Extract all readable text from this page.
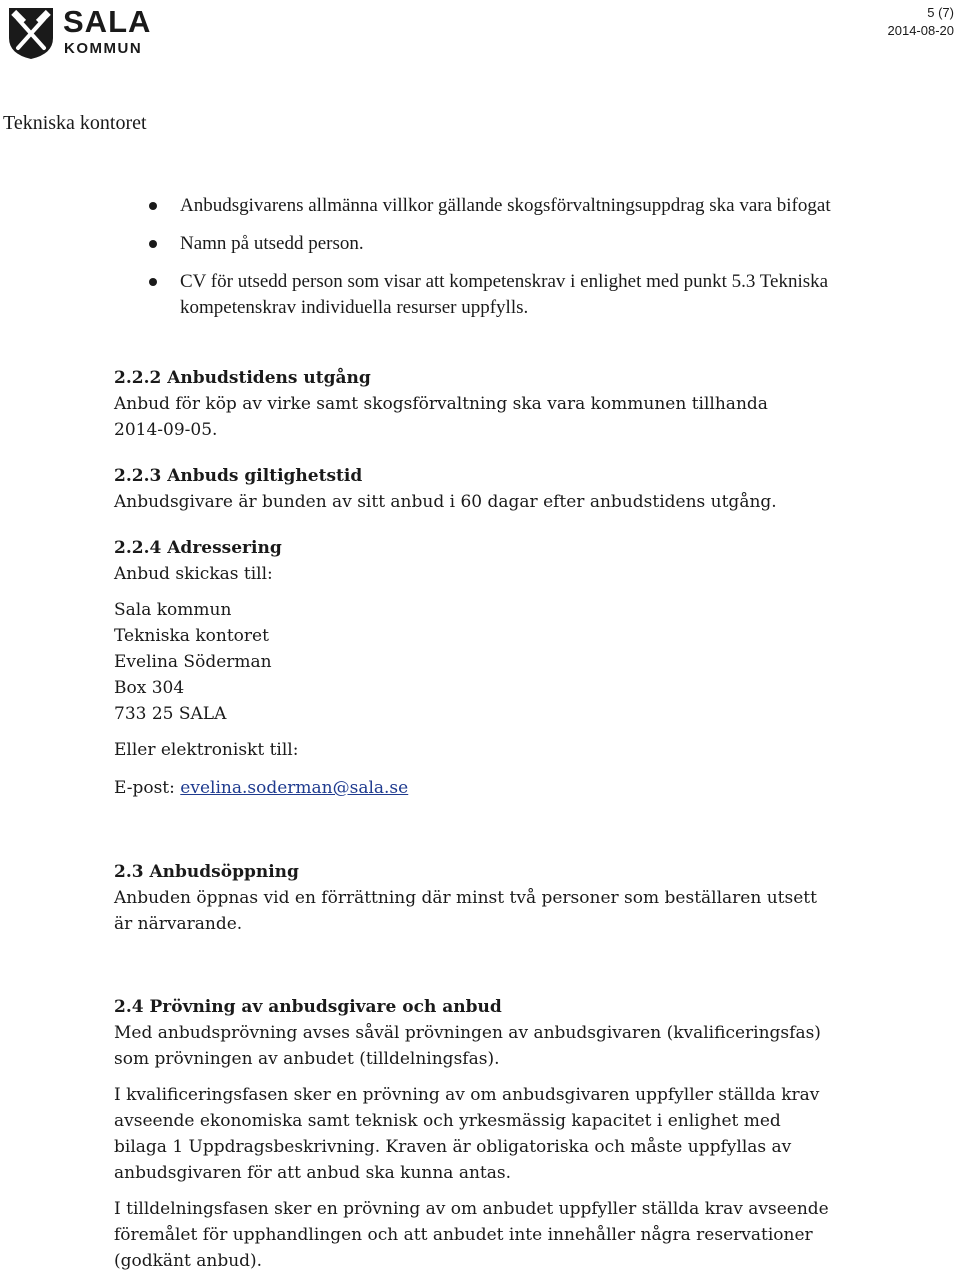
SALA
KOMMUN
5 (7)
2014-08-20
Tekniska kontoret
Anbudsgivarens allmänna villkor gällande skogsförvaltningsuppdrag ska vara bifogat
Namn på utsedd person.
CV för utsedd person som visar att kompetenskrav i enlighet med punkt 5.3 Tekniska kompetenskrav individuella resurser uppfylls.
2.2.2 Anbudstidens utgång
Anbud för köp av virke samt skogsförvaltning ska vara kommunen tillhanda 2014-09-05.
2.2.3 Anbuds giltighetstid
Anbudsgivare är bunden av sitt anbud i 60 dagar efter anbudstidens utgång.
2.2.4 Adressering
Anbud skickas till:
Sala kommun
Tekniska kontoret
Evelina Söderman
Box 304
733 25 SALA
Eller elektroniskt till:
E-post: evelina.soderman@sala.se
2.3 Anbudsöppning
Anbuden öppnas vid en förrättning där minst två personer som beställaren utsett är närvarande.
2.4 Prövning av anbudsgivare och anbud
Med anbudsprövning avses såväl prövningen av anbudsgivaren (kvalificeringsfas) som prövningen av anbudet (tilldelningsfas).
I kvalificeringsfasen sker en prövning av om anbudsgivaren uppfyller ställda krav avseende ekonomiska samt teknisk och yrkesmässig kapacitet i enlighet med bilaga 1 Uppdragsbeskrivning. Kraven är obligatoriska och måste uppfyllas av anbudsgivaren för att anbud ska kunna antas.
I tilldelningsfasen sker en prövning av om anbudet uppfyller ställda krav avseende föremålet för upphandlingen och att anbudet inte innehåller några reservationer (godkänt anbud).
